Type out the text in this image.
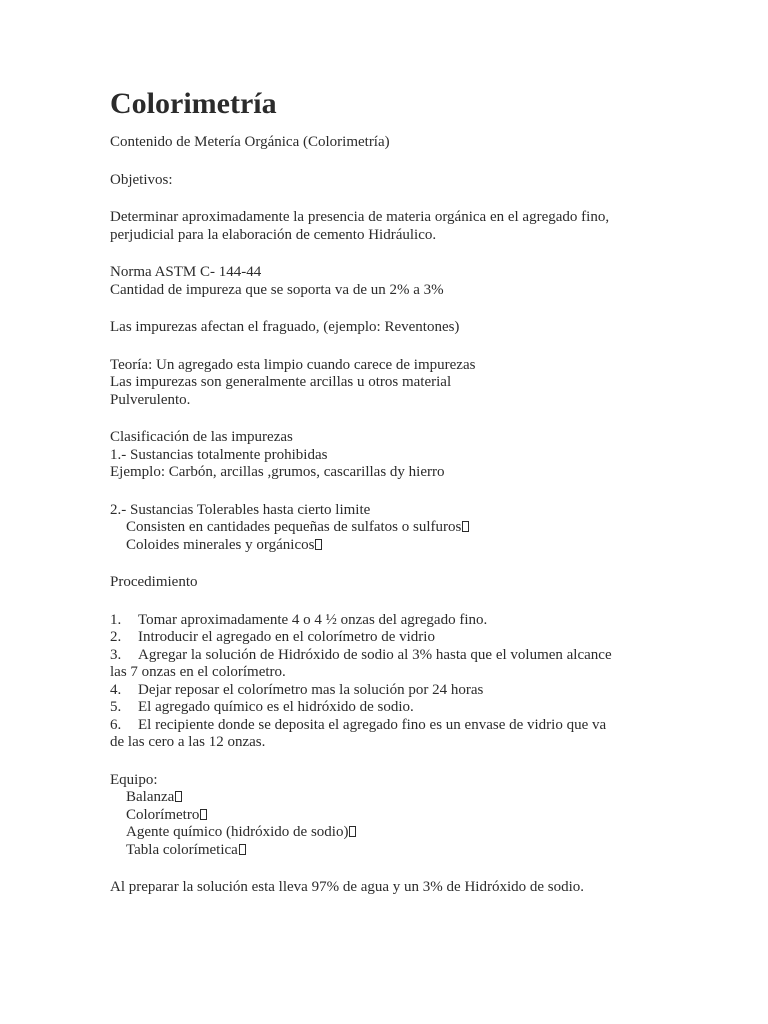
Colorimetría
Contenido de Metería Orgánica (Colorimetría)
Objetivos:
Determinar aproximadamente la presencia de materia orgánica en el agregado fino,
perjudicial para la elaboración de cemento Hidráulico.
Norma ASTM C- 144-44
Cantidad de impureza que se soporta va de un 2% a 3%
Las impurezas afectan el fraguado, (ejemplo: Reventones)
Teoría: Un agregado esta limpio cuando carece de impurezas
Las impurezas son generalmente arcillas u otros material
Pulverulento.
Clasificación de las impurezas
1.- Sustancias totalmente prohibidas
Ejemplo: Carbón, arcillas ,grumos, cascarillas dy hierro
2.- Sustancias Tolerables hasta cierto limite
Consisten en cantidades pequeñas de sulfatos o sulfuros
Coloides minerales y orgánicos
Procedimiento
1. Tomar aproximadamente 4 o 4 ½ onzas del agregado fino.
2. Introducir el agregado en el colorímetro de vidrio
3. Agregar la solución de Hidróxido de sodio al 3% hasta que el volumen alcance
las 7 onzas en el colorímetro.
4. Dejar reposar el colorímetro mas la solución por 24 horas
5. El agregado químico es el hidróxido de sodio.
6. El recipiente donde se deposita el agregado fino es un envase de vidrio que va
de las cero a las 12 onzas.
Equipo:
Balanza
Colorímetro
Agente químico (hidróxido de sodio)
Tabla colorímetica
Al preparar la solución esta lleva 97% de agua y un 3% de Hidróxido de sodio.
